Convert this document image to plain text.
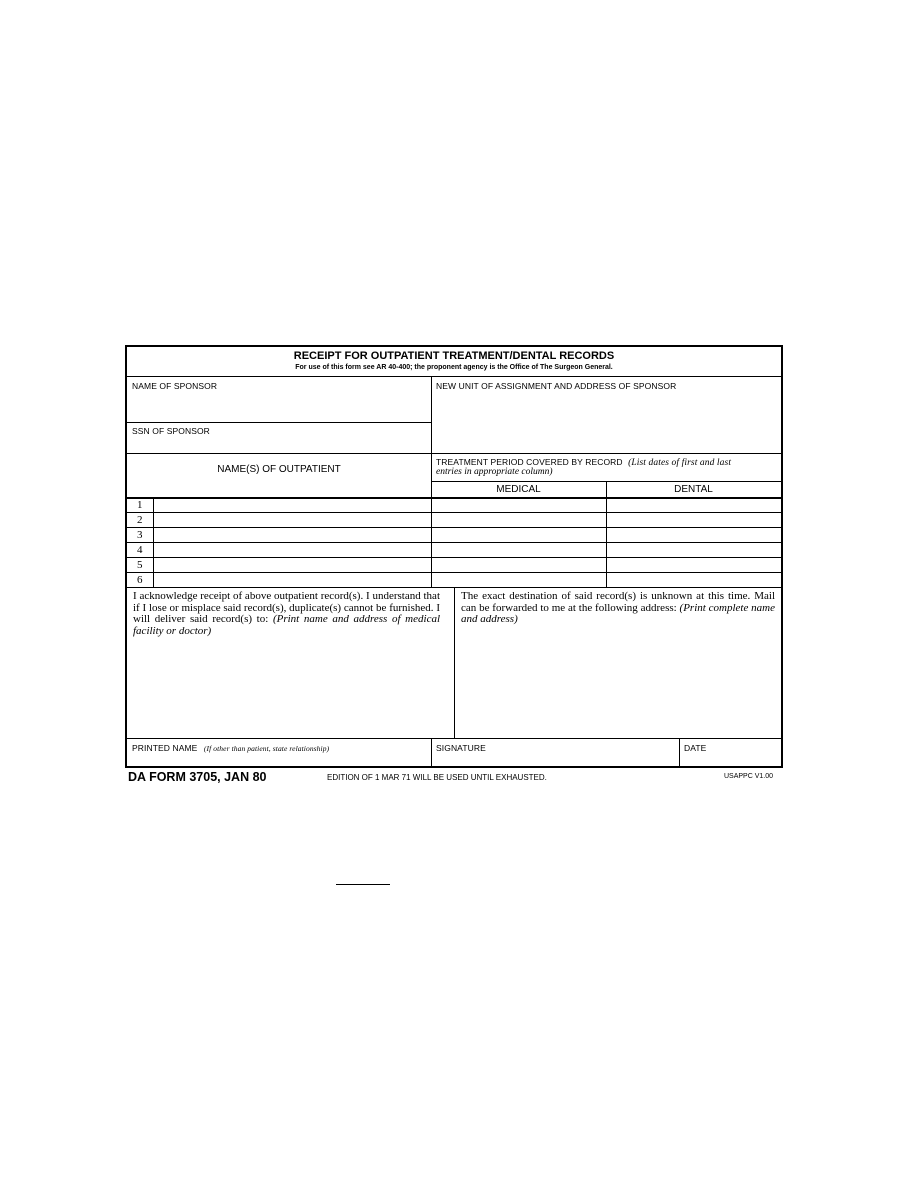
RECEIPT FOR OUTPATIENT TREATMENT/DENTAL RECORDS
For use of this form see AR 40-400; the proponent agency is the Office of The Surgeon General.
NAME OF SPONSOR	NEW UNIT OF ASSIGNMENT AND ADDRESS OF SPONSOR
SSN OF SPONSOR
NAME(S) OF OUTPATIENT
TREATMENT PERIOD COVERED BY RECORD (List dates of first and last
entries in appropriate column)
MEDICAL	DENTAL
1
2
3
4
5
6
I acknowledge receipt of above outpatient record(s). I understand that if I lose or misplace said record(s), duplicate(s) cannot be furnished. I will deliver said record(s) to: (Print name and address of medical facility or doctor)
The exact destination of said record(s) is unknown at this time. Mail can be forwarded to me at the following address: (Print complete name and address)
PRINTED NAME (If other than patient, state relationship)	SIGNATURE	DATE
DA FORM 3705, JAN 80	EDITION OF 1 MAR 71 WILL BE USED UNTIL EXHAUSTED.	USAPPC V1.00
